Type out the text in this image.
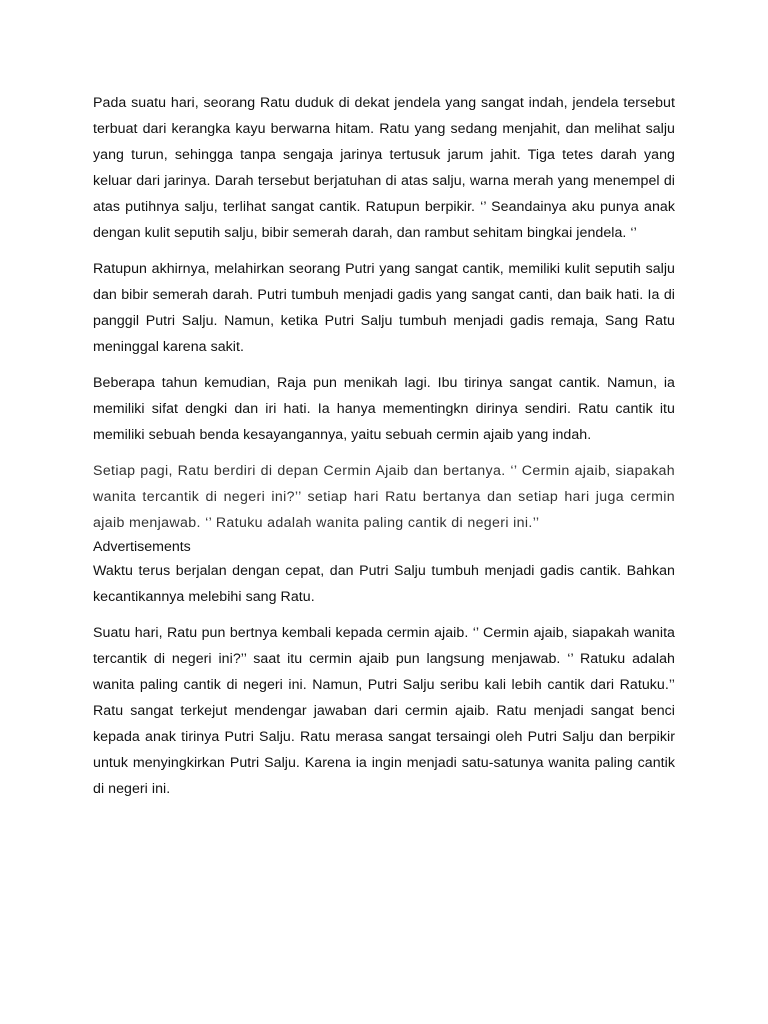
Pada suatu hari, seorang Ratu duduk di dekat jendela yang sangat indah, jendela tersebut terbuat dari kerangka kayu berwarna hitam. Ratu yang sedang menjahit, dan melihat salju yang turun, sehingga tanpa sengaja jarinya tertusuk jarum jahit. Tiga tetes darah yang keluar dari jarinya. Darah tersebut berjatuhan di atas salju, warna merah yang menempel di atas putihnya salju, terlihat sangat cantik. Ratupun berpikir. ‘’ Seandainya aku punya anak dengan kulit seputih salju, bibir semerah darah, dan rambut sehitam bingkai jendela. ‘’

Ratupun akhirnya, melahirkan seorang Putri yang sangat cantik, memiliki kulit seputih salju dan bibir semerah darah. Putri tumbuh menjadi gadis yang sangat canti, dan baik hati. Ia di panggil Putri Salju. Namun, ketika Putri Salju tumbuh menjadi gadis remaja, Sang Ratu meninggal karena sakit.

Beberapa tahun kemudian, Raja pun menikah lagi. Ibu tirinya sangat cantik. Namun, ia memiliki sifat dengki dan iri hati. Ia hanya mementingkn dirinya sendiri. Ratu cantik itu memiliki sebuah benda kesayangannya, yaitu sebuah cermin ajaib yang indah.

Setiap pagi, Ratu berdiri di depan Cermin Ajaib dan bertanya. ‘’ Cermin ajaib, siapakah wanita tercantik di negeri ini?’’ setiap hari Ratu bertanya dan setiap hari juga cermin ajaib menjawab. ‘’ Ratuku adalah wanita paling cantik di negeri ini.’’

Advertisements

Waktu terus berjalan dengan cepat, dan Putri Salju tumbuh menjadi gadis cantik. Bahkan kecantikannya melebihi sang Ratu.

Suatu hari, Ratu pun bertnya kembali kepada cermin ajaib. ‘’ Cermin ajaib, siapakah wanita tercantik di negeri ini?’’ saat itu cermin ajaib pun langsung menjawab. ‘’ Ratuku adalah wanita paling cantik di negeri ini. Namun, Putri Salju seribu kali lebih cantik dari Ratuku.’’ Ratu sangat terkejut mendengar jawaban dari cermin ajaib. Ratu menjadi sangat benci kepada anak tirinya Putri Salju. Ratu merasa sangat tersaingi oleh Putri Salju dan berpikir untuk menyingkirkan Putri Salju. Karena ia ingin menjadi satu-satunya wanita paling cantik di negeri ini.
